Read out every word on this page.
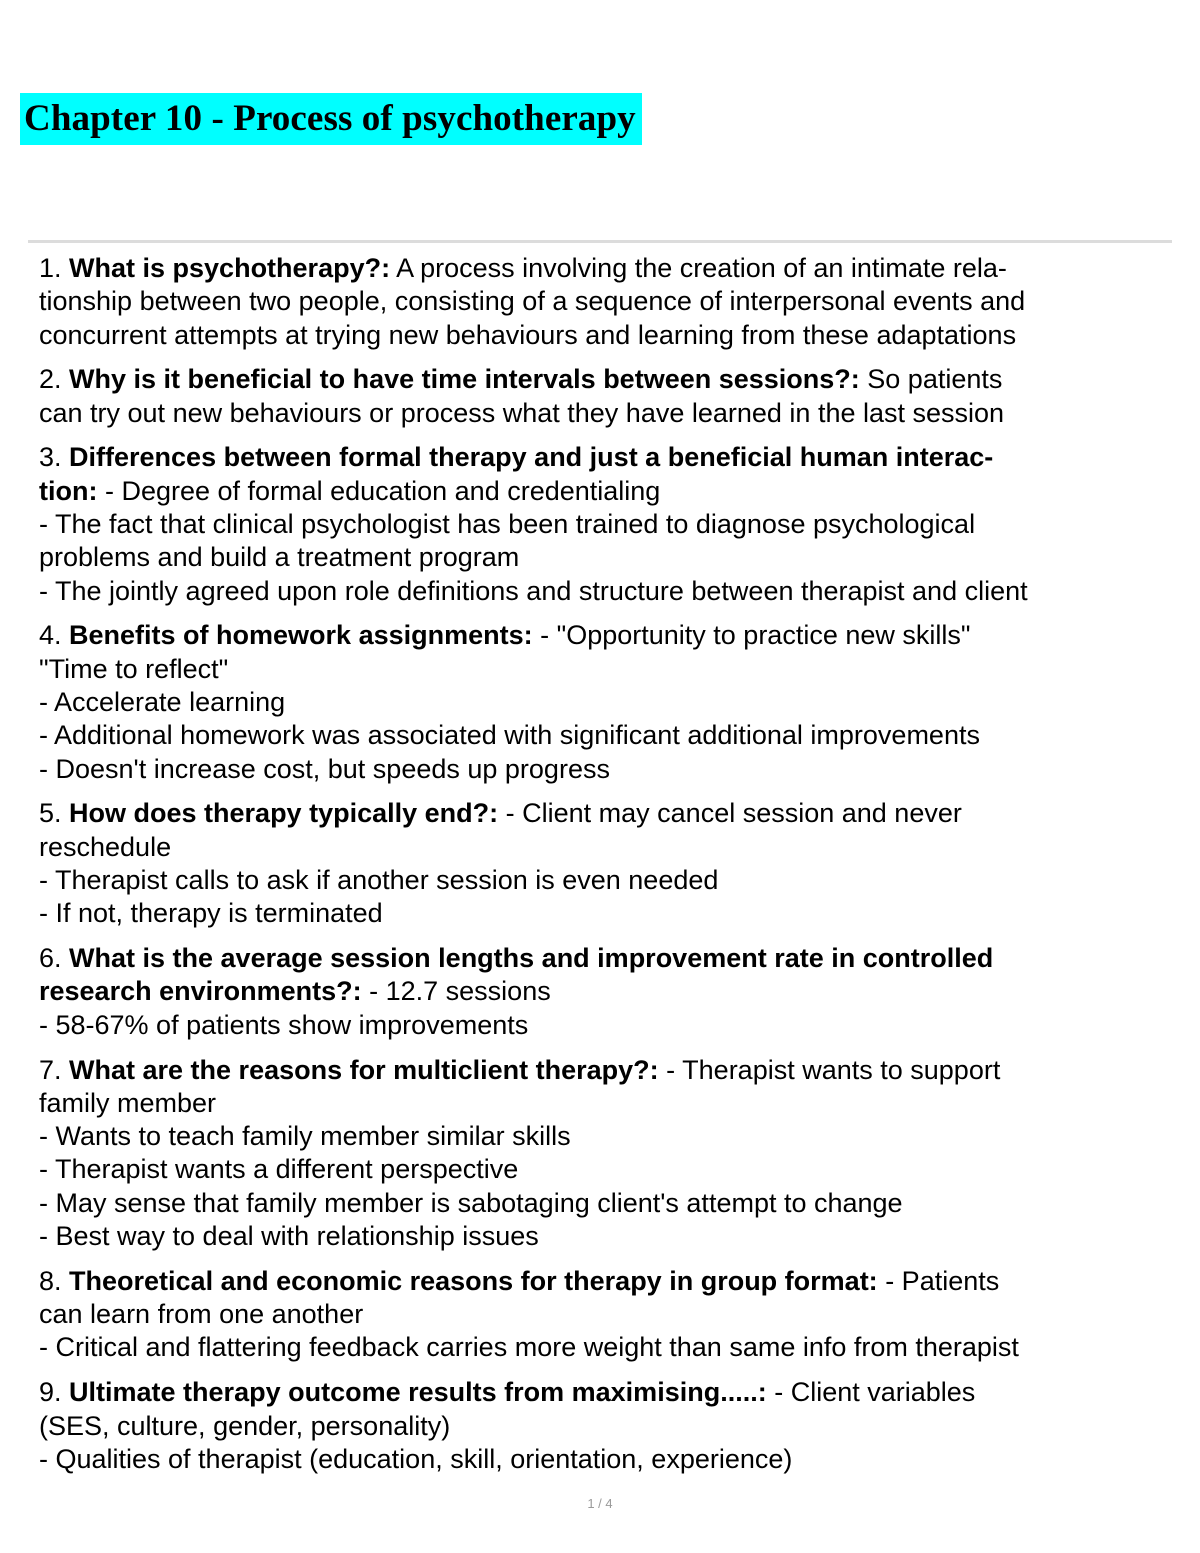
Chapter 10 - Process of psychotherapy
1. What is psychotherapy?: A process involving the creation of an intimate rela-
tionship between two people, consisting of a sequence of interpersonal events and
concurrent attempts at trying new behaviours and learning from these adaptations
2. Why is it beneficial to have time intervals between sessions?: So patients
can try out new behaviours or process what they have learned in the last session
3. Differences between formal therapy and just a beneficial human interac-
tion: - Degree of formal education and credentialing
- The fact that clinical psychologist has been trained to diagnose psychological
problems and build a treatment program
- The jointly agreed upon role definitions and structure between therapist and client
4. Benefits of homework assignments: - "Opportunity to practice new skills"
"Time to reflect"
- Accelerate learning
- Additional homework was associated with significant additional improvements
- Doesn't increase cost, but speeds up progress
5. How does therapy typically end?: - Client may cancel session and never
reschedule
- Therapist calls to ask if another session is even needed
- If not, therapy is terminated
6. What is the average session lengths and improvement rate in controlled
research environments?: - 12.7 sessions
- 58-67% of patients show improvements
7. What are the reasons for multiclient therapy?: - Therapist wants to support
family member
- Wants to teach family member similar skills
- Therapist wants a different perspective
- May sense that family member is sabotaging client's attempt to change
- Best way to deal with relationship issues
8. Theoretical and economic reasons for therapy in group format: - Patients
can learn from one another
- Critical and flattering feedback carries more weight than same info from therapist
9. Ultimate therapy outcome results from maximising.....: - Client variables
(SES, culture, gender, personality)
- Qualities of therapist (education, skill, orientation, experience)
1 / 4
